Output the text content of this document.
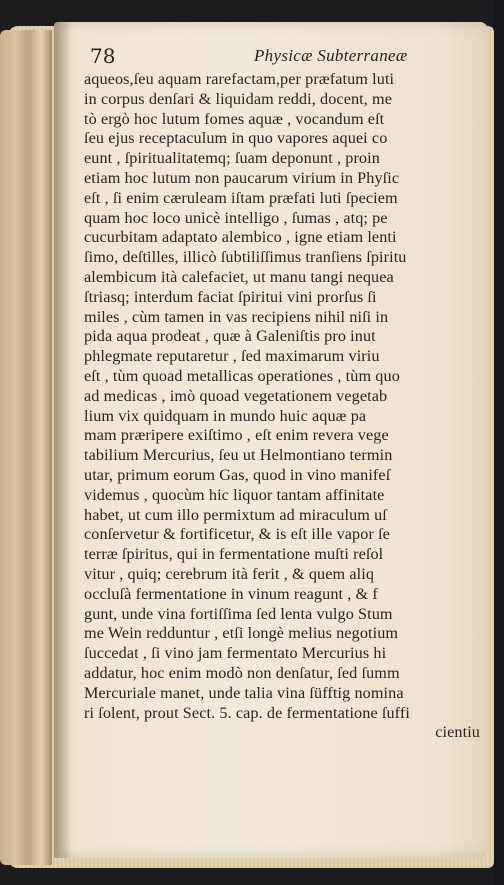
78	Physicæ Subterraneæ
aqueos,ſeu aquam rarefactam,per præfatum luti
in corpus denſari & liquidam reddi, docent, me
tò ergò hoc lutum fomes aquæ , vocandum eſt
ſeu ejus receptaculum in quo vapores aquei co
eunt , ſpiritualitatemq; ſuam deponunt , proin
etiam hoc lutum non paucarum virium in Phyſic
eſt , ſi enim cæruleam iſtam præfati luti ſpeciem
quam hoc loco unicè intelligo , ſumas , atq; pe
cucurbitam adaptato alembico , igne etiam lenti
ſimo, deſtilles, illicò ſubtiliſſimus tranſiens ſpiritu
alembicum ità calefaciet, ut manu tangi nequea
ſtriasq; interdum faciat ſpiritui vini prorſus ſi
miles , cùm tamen in vas recipiens nihil niſi in
pida aqua prodeat , quæ à Galeniſtis pro inut
phlegmate reputaretur , ſed maximarum viriu
eſt , tùm quoad metallicas operationes , tùm quo
ad medicas , imò quoad vegetationem vegetab
lium vix quidquam in mundo huic aquæ pa
mam præripere exiſtimo , eſt enim revera vege
tabilium Mercurius, ſeu ut Helmontiano termin
utar, primum eorum Gas, quod in vino manifeſ
videmus , quocùm hic liquor tantam affinitate
habet, ut cum illo permixtum ad miraculum uſ
conſervetur & fortificetur, & is eſt ille vapor ſe
terræ ſpiritus, qui in fermentatione muſti reſol
vitur , quiq; cerebrum ità ferit , & quem aliq
occluſà fermentatione in vinum reagunt , & f
gunt, unde vina fortiſſima ſed lenta vulgo Stum
me Wein redduntur , etſi longè melius negotium
ſuccedat , ſi vino jam fermentato Mercurius hi
addatur, hoc enim modò non denſatur, ſed ſumm
Mercuriale manet, unde talia vina ſüfftig nomina
ri ſolent, prout Sect. 5. cap. de fermentatione ſuffi
cientiu
